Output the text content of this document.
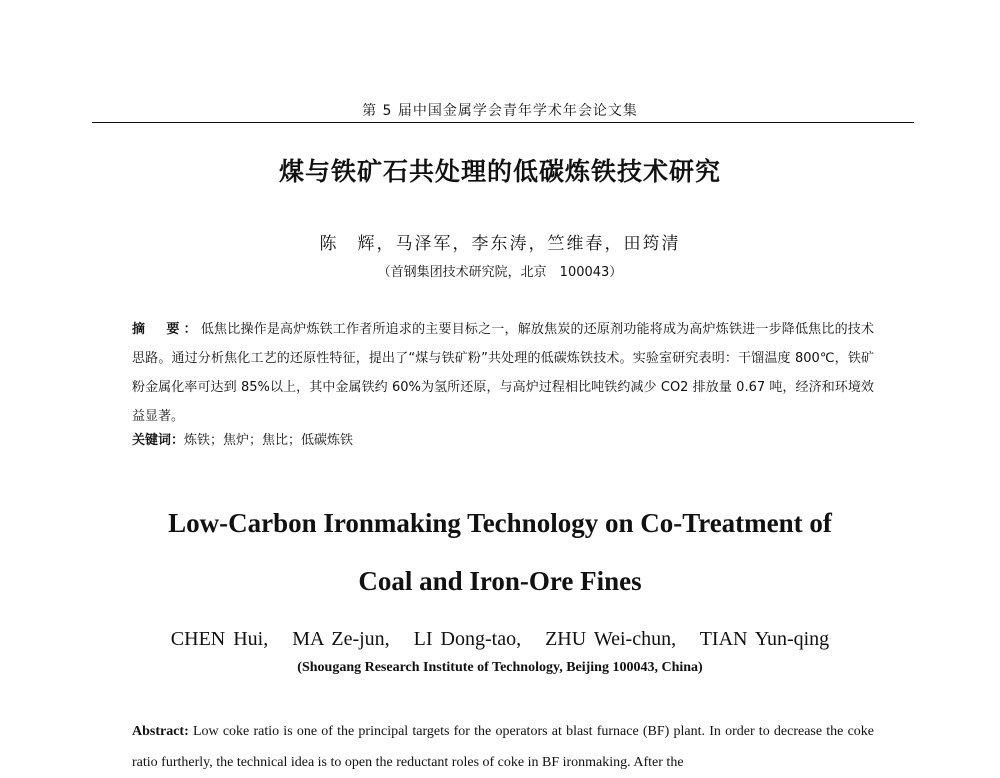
第 5 届中国金属学会青年学术年会论文集
煤与铁矿石共处理的低碳炼铁技术研究
陈　辉，马泽军，李东涛，竺维春，田筠清
（首钢集团技术研究院，北京　100043）
摘　要：低焦比操作是高炉炼铁工作者所追求的主要目标之一，解放焦炭的还原剂功能将成为高炉炼铁进一步降低焦比的技术思路。通过分析焦化工艺的还原性特征，提出了“煤与铁矿粉”共处理的低碳炼铁技术。实验室研究表明：干馏温度 800℃，铁矿粉金属化率可达到 85%以上，其中金属铁约 60%为氢所还原，与高炉过程相比吨铁约减少 CO2 排放量 0.67 吨，经济和环境效益显著。
关键词：炼铁；焦炉；焦比；低碳炼铁
Low-Carbon Ironmaking Technology on Co-Treatment of
Coal and Iron-Ore Fines
CHEN Hui,   MA Ze-jun,   LI Dong-tao,   ZHU Wei-chun,   TIAN Yun-qing
(Shougang Research Institute of Technology, Beijing 100043, China)
Abstract: Low coke ratio is one of the principal targets for the operators at blast furnace (BF) plant. In order to decrease the coke ratio furtherly, the technical idea is to open the reductant roles of coke in BF ironmaking. After the
